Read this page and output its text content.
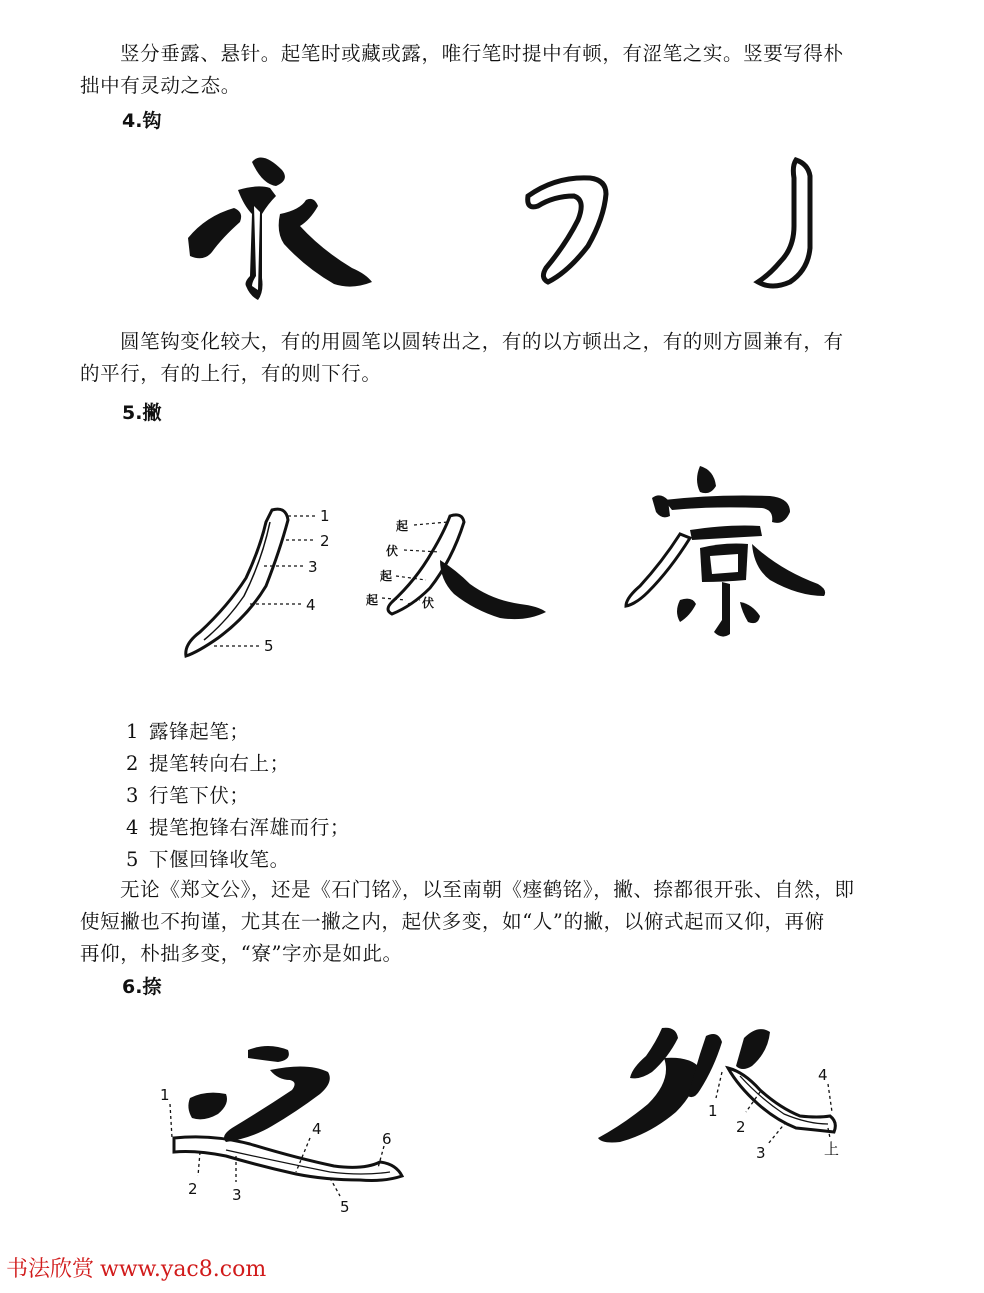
竖分垂露、悬针。起笔时或藏或露，唯行笔时提中有顿，有涩笔之实。竖要写得朴
拙中有灵动之态。
4.钩
圆笔钩变化较大，有的用圆笔以圆转出之，有的以方顿出之，有的则方圆兼有，有
的平行，有的上行，有的则下行。
5.撇
1
2
3
4
5
起
伏
起
起	伏
1 露锋起笔；
2 提笔转向右上；
3 行笔下伏；
4 提笔抱锋右浑雄而行；
5 下偃回锋收笔。
无论《郑文公》，还是《石门铭》，以至南朝《瘗鹤铭》，撇、捺都很开张、自然，即
使短撇也不拘谨，尤其在一撇之内，起伏多变，如“人”的撇，以俯式起而又仰，再俯
再仰，朴拙多变，“寮”字亦是如此。
6.捺
1
2 3
4
5
6
1
2
3
4
上
书法欣赏 www.yac8.com
